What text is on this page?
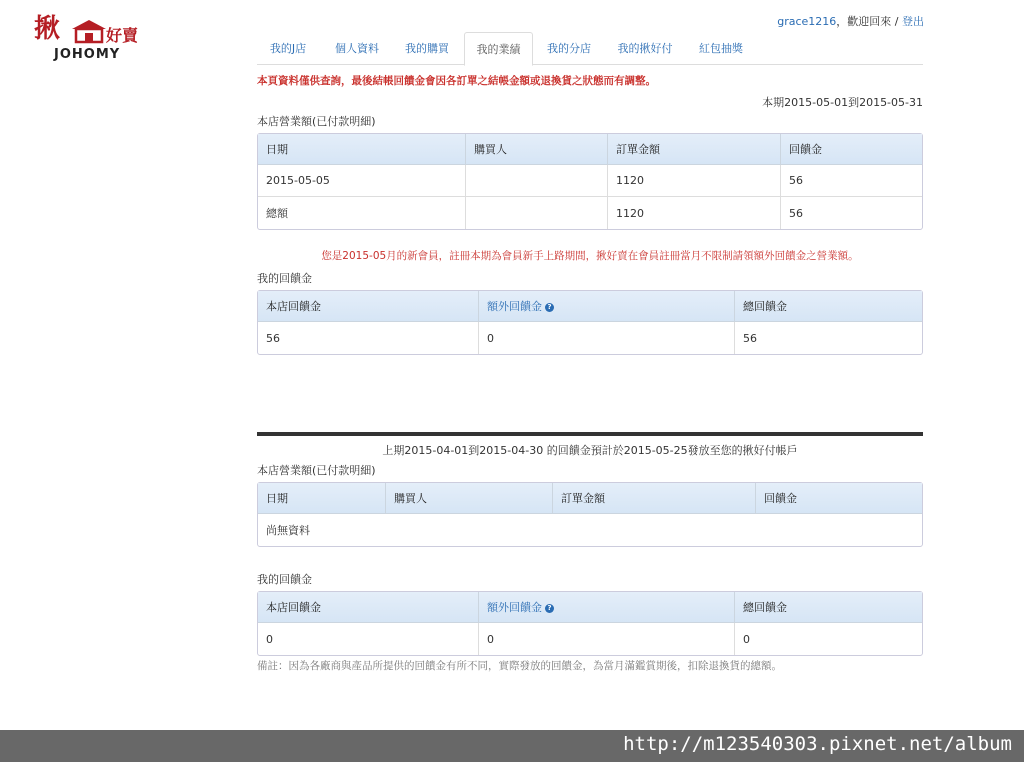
揪	好賣
JOHOMY
grace1216，歡迎回來 / 登出
我的J店	個人資料	我的購買	我的業績	我的分店	我的揪好付	紅包抽獎
本頁資料僅供查詢，最後結帳回饋金會因各訂單之結帳金額或退換貨之狀態而有調整。
本期2015-05-01到2015-05-31
本店營業額(已付款明細)
日期	購買人	訂單金額	回饋金
2015-05-05		1120	56
總額		1120	56
您是2015-05月的新會員，註冊本期為會員新手上路期間，揪好賣在會員註冊當月不限制請領額外回饋金之營業額。
我的回饋金
本店回饋金	額外回饋金 ?	總回饋金
56	0	56
上期2015-04-01到2015-04-30 的回饋金預計於2015-05-25發放至您的揪好付帳戶
本店營業額(已付款明細)
日期	購買人	訂單金額	回饋金
尚無資料
我的回饋金
本店回饋金	額外回饋金 ?	總回饋金
0	0	0
備註：因為各廠商與產品所提供的回饋金有所不同，實際發放的回饋金，為當月滿鑑賞期後，扣除退換貨的總額。
http://m123540303.pixnet.net/album
